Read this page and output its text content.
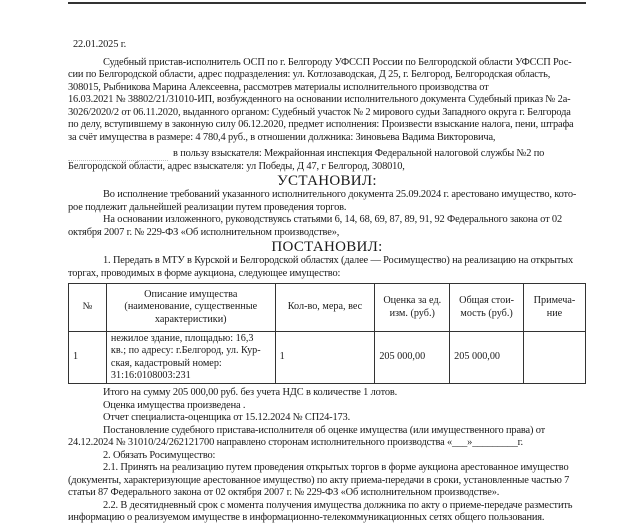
22.01.2025 г.
Судебный пристав-исполнитель ОСП по г. Белгороду УФССП России по Белгородской области УФССП Рос-
сии по Белгородской области, адрес подразделения: ул. Котлозаводская, Д 25, г. Белгород, Белгородская область,
308015, Рыбникова Марина Алексеевна, рассмотрев материалы исполнительного производства от
16.03.2021 № 38802/21/31010-ИП, возбужденного на основании исполнительного документа Судебный приказ № 2а-
3026/2020/2 от 06.11.2020, выданного органом: Судебный участок № 2 мирового судьи Западного округа г. Белгорода
по делу, вступившему в законную силу 06.12.2020, предмет исполнения: Произвести взыскание налога, пени, штрафа
за счёт имущества в размере: 4 780,4 руб., в отношении должника: Зиновьева Вадима Викторовича,
в пользу взыскателя: Межрайонная инспекция Федеральной налоговой службы №2 по
Белгородской области, адрес взыскателя: ул Победы, Д 47, г Белгород, 308010,
УСТАНОВИЛ:
Во исполнение требований указанного исполнительного документа 25.09.2024 г. арестовано имущество, кото-
рое подлежит дальнейшей реализации путем проведения торгов.
На основании изложенного, руководствуясь статьями 6, 14, 68, 69, 87, 89, 91, 92 Федерального закона от 02
октября 2007 г. № 229-ФЗ «Об исполнительном производстве»,
ПОСТАНОВИЛ:
1. Передать в МТУ в Курской и Белгородской областях (далее — Росимущество) на реализацию на открытых
торгах, проводимых в форме аукциона, следующее имущество:
№	Описание имущества (наименование, существенные характеристики)	Кол-во, мера, вес	Оценка за ед. изм. (руб.)	Общая стои-мость (руб.)	Примеча-ние
1	нежилое здание, площадью: 16,3 кв.; по адресу: г.Белгород, ул. Кур-ская, кадастровый номер: 31:16:0108003:231	1	205 000,00	205 000,00	
Итого на сумму 205 000,00 руб. без учета НДС в количестве 1 лотов.
Оценка имущества произведена .
Отчет специалиста-оценщика от 15.12.2024 № СП24-173.
Постановление судебного пристава-исполнителя об оценке имущества (или имущественного права) от
24.12.2024 № 31010/24/262121700 направлено сторонам исполнительного производства «___»_________г.
2. Обязать Росимущество:
2.1. Принять на реализацию путем проведения открытых торгов в форме аукциона арестованное имущество
(документы, характеризующие арестованное имущество) по акту приема-передачи в сроки, установленные частью 7
статьи 87 Федерального закона от 02 октября 2007 г. № 229-ФЗ «Об исполнительном производстве».
2.2. В десятидневный срок с момента получения имущества должника по акту о приеме-передаче разместить
информацию о реализуемом имуществе в информационно-телекоммуникационных сетях общего пользования.
